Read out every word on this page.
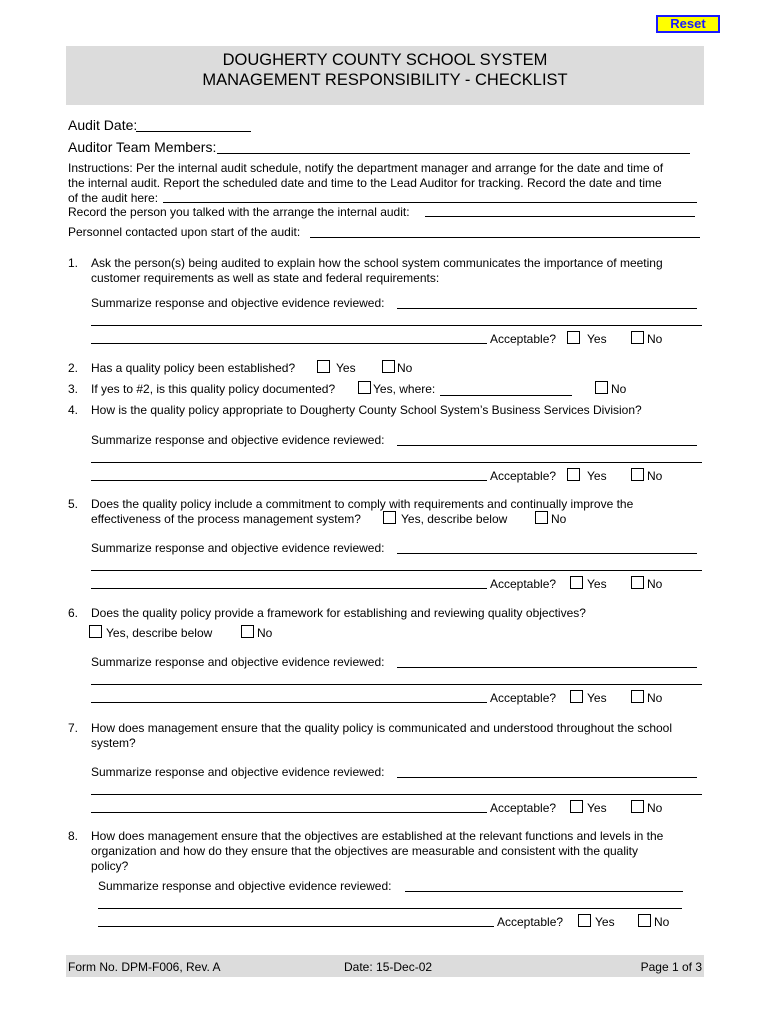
Reset
DOUGHERTY COUNTY SCHOOL SYSTEM
MANAGEMENT RESPONSIBILITY - CHECKLIST
Audit Date:
Auditor Team Members:
Instructions: Per the internal audit schedule, notify the department manager and arrange for the date and time of
the internal audit. Report the scheduled date and time to the Lead Auditor for tracking. Record the date and time
of the audit here:
Record the person you talked with the arrange the internal audit:
Personnel contacted upon start of the audit:
1. Ask the person(s) being audited to explain how the school system communicates the importance of meeting
customer requirements as well as state and federal requirements:
Summarize response and objective evidence reviewed:
Acceptable?	Yes	No
2. Has a quality policy been established?	Yes	No
3. If yes to #2, is this quality policy documented?	Yes, where:	No
4. How is the quality policy appropriate to Dougherty County School System’s Business Services Division?
Summarize response and objective evidence reviewed:
Acceptable?	Yes	No
5. Does the quality policy include a commitment to comply with requirements and continually improve the
effectiveness of the process management system?	Yes, describe below	No
Summarize response and objective evidence reviewed:
Acceptable?	Yes	No
6. Does the quality policy provide a framework for establishing and reviewing quality objectives?
Yes, describe below	No
Summarize response and objective evidence reviewed:
Acceptable?	Yes	No
7. How does management ensure that the quality policy is communicated and understood throughout the school
system?
Summarize response and objective evidence reviewed:
Acceptable?	Yes	No
8. How does management ensure that the objectives are established at the relevant functions and levels in the
organization and how do they ensure that the objectives are measurable and consistent with the quality
policy?
Summarize response and objective evidence reviewed:
Acceptable?	Yes	No
Form No. DPM-F006, Rev. A	Date: 15-Dec-02	Page 1 of 3
